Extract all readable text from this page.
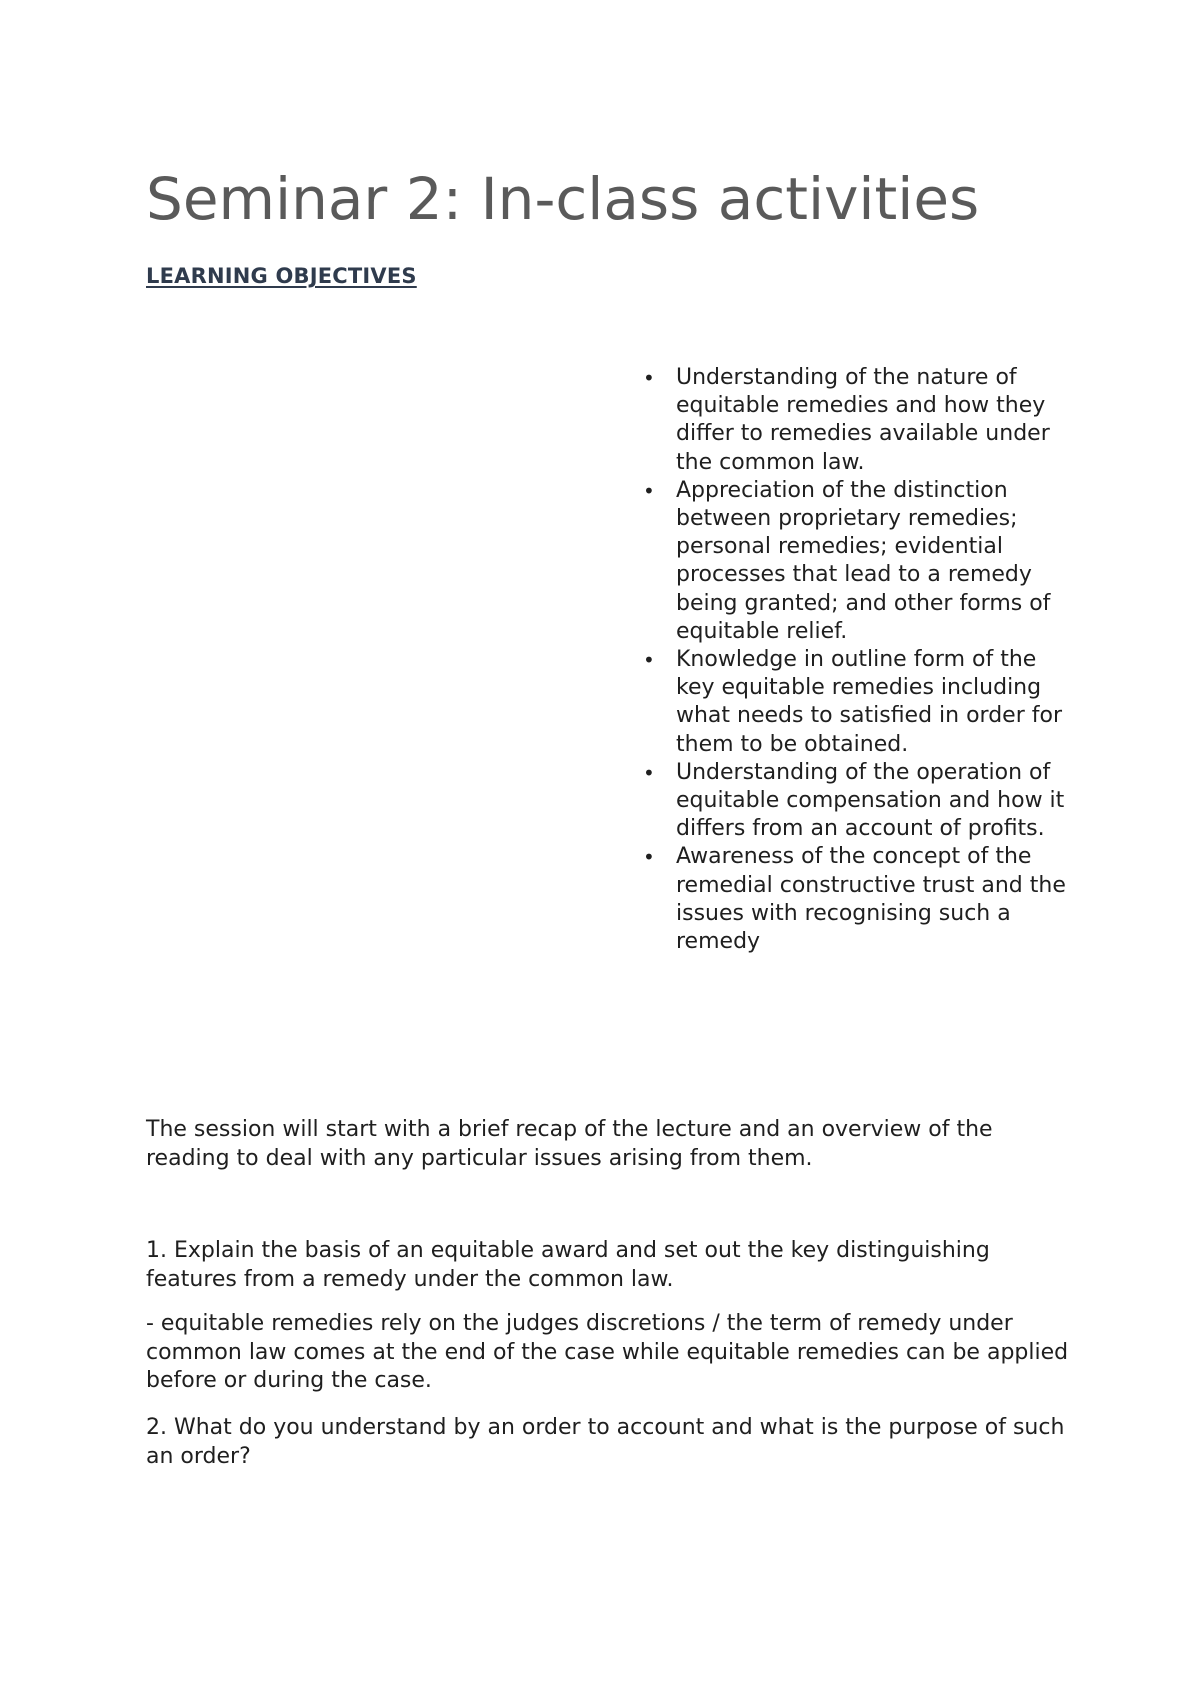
Seminar 2: In-class activities
LEARNING OBJECTIVES
• Understanding of the nature of equitable remedies and how they differ to remedies available under the common law.
• Appreciation of the distinction between proprietary remedies; personal remedies; evidential processes that lead to a remedy being granted; and other forms of equitable relief.
• Knowledge in outline form of the key equitable remedies including what needs to satisfied in order for them to be obtained.
• Understanding of the operation of equitable compensation and how it differs from an account of profits.
• Awareness of the concept of the remedial constructive trust and the issues with recognising such a remedy

The session will start with a brief recap of the lecture and an overview of the reading to deal with any particular issues arising from them.

1. Explain the basis of an equitable award and set out the key distinguishing features from a remedy under the common law.

- equitable remedies rely on the judges discretions / the term of remedy under common law comes at the end of the case while equitable remedies can be applied before or during the case.

2. What do you understand by an order to account and what is the purpose of such an order?
